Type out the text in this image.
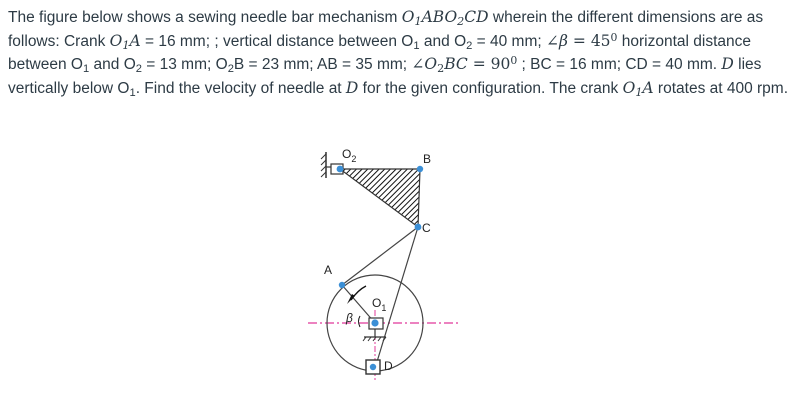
The figure below shows a sewing needle bar mechanism $O_1ABO_2CD$ wherein the different dimensions are as follows: Crank $O_1A = 16$ mm; ; vertical distance between $O_1$ and $O_2 = 40$ mm; ∠β = $45^0$ horizontal distance between $O_1$ and $O_2 = 13$ mm; $O_2B = 23$ mm; AB = 35 mm; $\angle O_2BC = 90^0$ ; BC = 16 mm; CD = 40 mm. D lies vertically below $O_1$. Find the velocity of needle at D for the given configuration. The crank $O_1A$ rotates at 400 rpm.

$O_2$	B
C
A
$O_1$
β
D
